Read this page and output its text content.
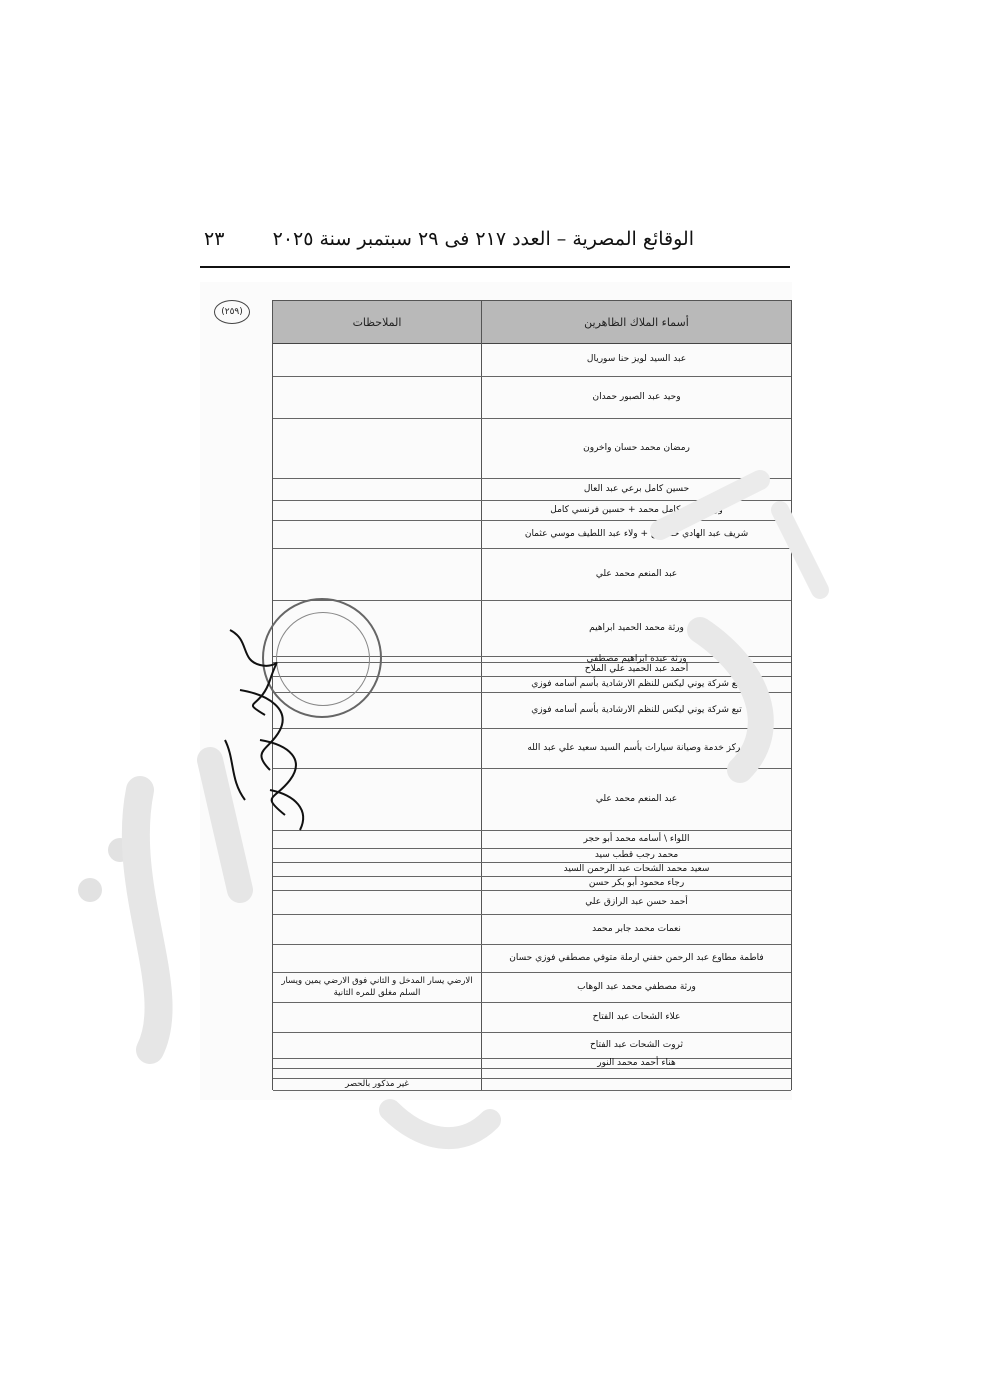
الوقائع المصرية – العدد ٢١٧ فى ٢٩ سبتمبر سنة ٢٠٢٥
٢٣
(٢٥٩)
أسماء الملاك الظاهرين
الملاحظات
عبد السيد لويز حنا سوريال
وحيد عبد الصبور حمدان
رمضان محمد حسان واخرون
حسين كامل برعي عبد العال
ورثة محمد كامل محمد + حسين فرنسي كامل
شريف عبد الهادي حسانين + ولاء عبد اللطيف موسي عثمان
عبد المنعم محمد علي
ورثة محمد الحميد ابراهيم
ورثة عبده ابراهيم مصطفي
أحمد عبد الحميد علي الملاح
تبع شركة يوني ليكس للنظم الارشادية بأسم أسامه فوزي
تبع شركة يوني ليكس للنظم الارشادية بأسم أسامه فوزي
مركز خدمة وصيانة سيارات بأسم السيد سعيد علي عبد الله
عبد المنعم محمد علي
اللواء \ أسامه محمد أبو حجر
محمد رجب قطب سيد
سعيد محمد الشحات عبد الرحمن السيد
رجاء محمود أبو بكر حسن
أحمد حسن عبد الرازق علي
نعمات محمد جابر محمد
فاطمة مطاوع عبد الرحمن حفني ارملة متوفي مصطفي فوزي حسان
ورثة مصطفي محمد عبد الوهاب
الارضي يسار المدخل و الثاني فوق الارضي يمين ويسار السلم مغلق للمره الثانية
علاء الشحات عبد الفتاح
ثروت الشحات عبد الفتاح
هناء أحمد محمد النور
غير مذكور بالحصر
